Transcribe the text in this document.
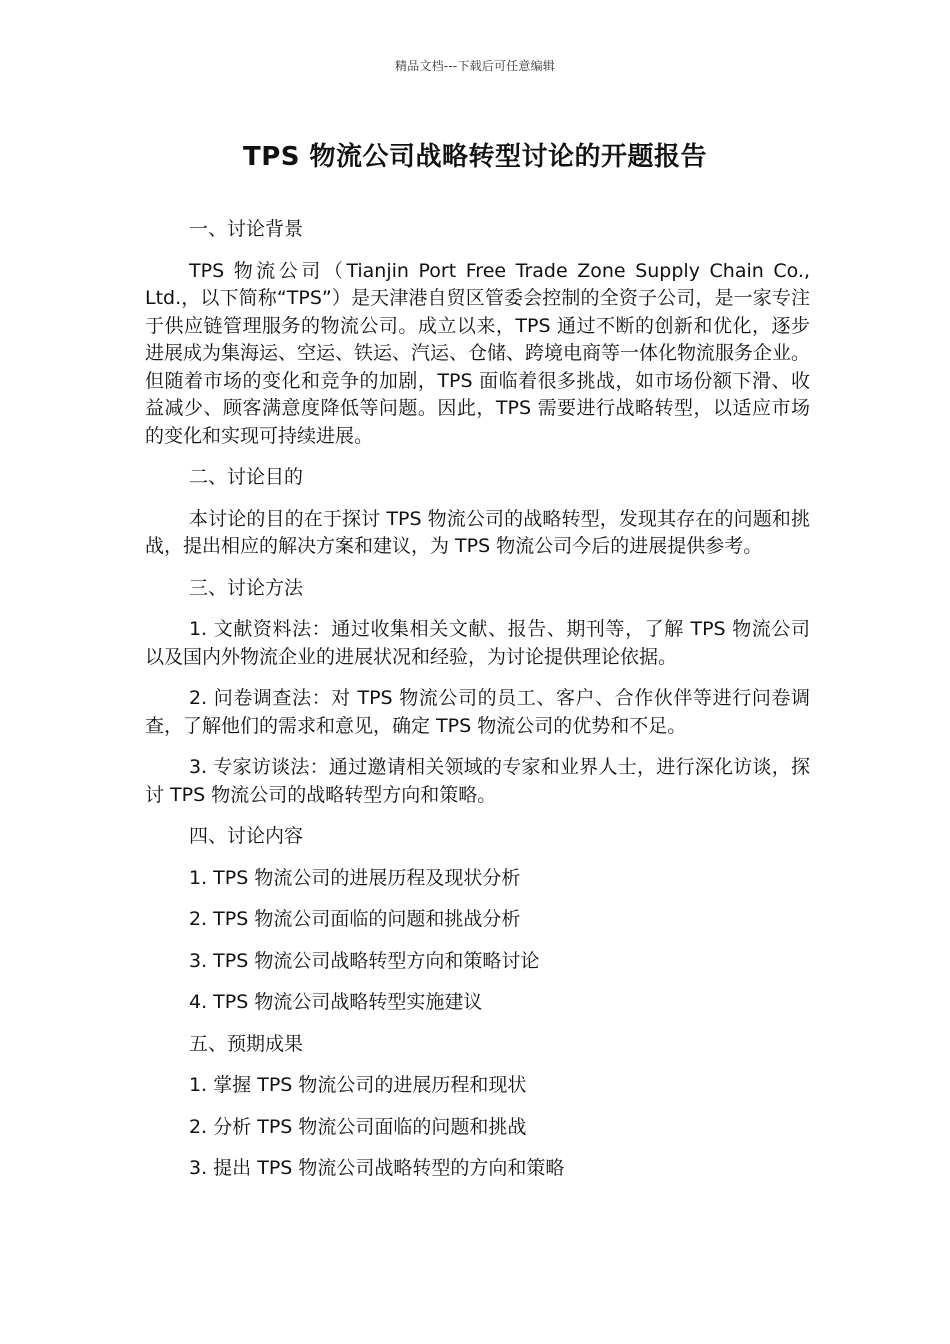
精品文档---下载后可任意编辑
TPS 物流公司战略转型讨论的开题报告

一、讨论背景

TPS 物流公司（Tianjin Port Free Trade Zone Supply Chain Co., Ltd.，以下简称“TPS”）是天津港自贸区管委会控制的全资子公司，是一家专注于供应链管理服务的物流公司。成立以来，TPS 通过不断的创新和优化，逐步进展成为集海运、空运、铁运、汽运、仓储、跨境电商等一体化物流服务企业。但随着市场的变化和竞争的加剧，TPS 面临着很多挑战，如市场份额下滑、收益减少、顾客满意度降低等问题。因此，TPS 需要进行战略转型，以适应市场的变化和实现可持续进展。

二、讨论目的

本讨论的目的在于探讨 TPS 物流公司的战略转型，发现其存在的问题和挑战，提出相应的解决方案和建议，为 TPS 物流公司今后的进展提供参考。

三、讨论方法

1. 文献资料法：通过收集相关文献、报告、期刊等，了解 TPS 物流公司以及国内外物流企业的进展状况和经验，为讨论提供理论依据。

2. 问卷调查法：对 TPS 物流公司的员工、客户、合作伙伴等进行问卷调查，了解他们的需求和意见，确定 TPS 物流公司的优势和不足。

3. 专家访谈法：通过邀请相关领域的专家和业界人士，进行深化访谈，探讨 TPS 物流公司的战略转型方向和策略。

四、讨论内容

1. TPS 物流公司的进展历程及现状分析

2. TPS 物流公司面临的问题和挑战分析

3. TPS 物流公司战略转型方向和策略讨论

4. TPS 物流公司战略转型实施建议

五、预期成果

1. 掌握 TPS 物流公司的进展历程和现状

2. 分析 TPS 物流公司面临的问题和挑战

3. 提出 TPS 物流公司战略转型的方向和策略
